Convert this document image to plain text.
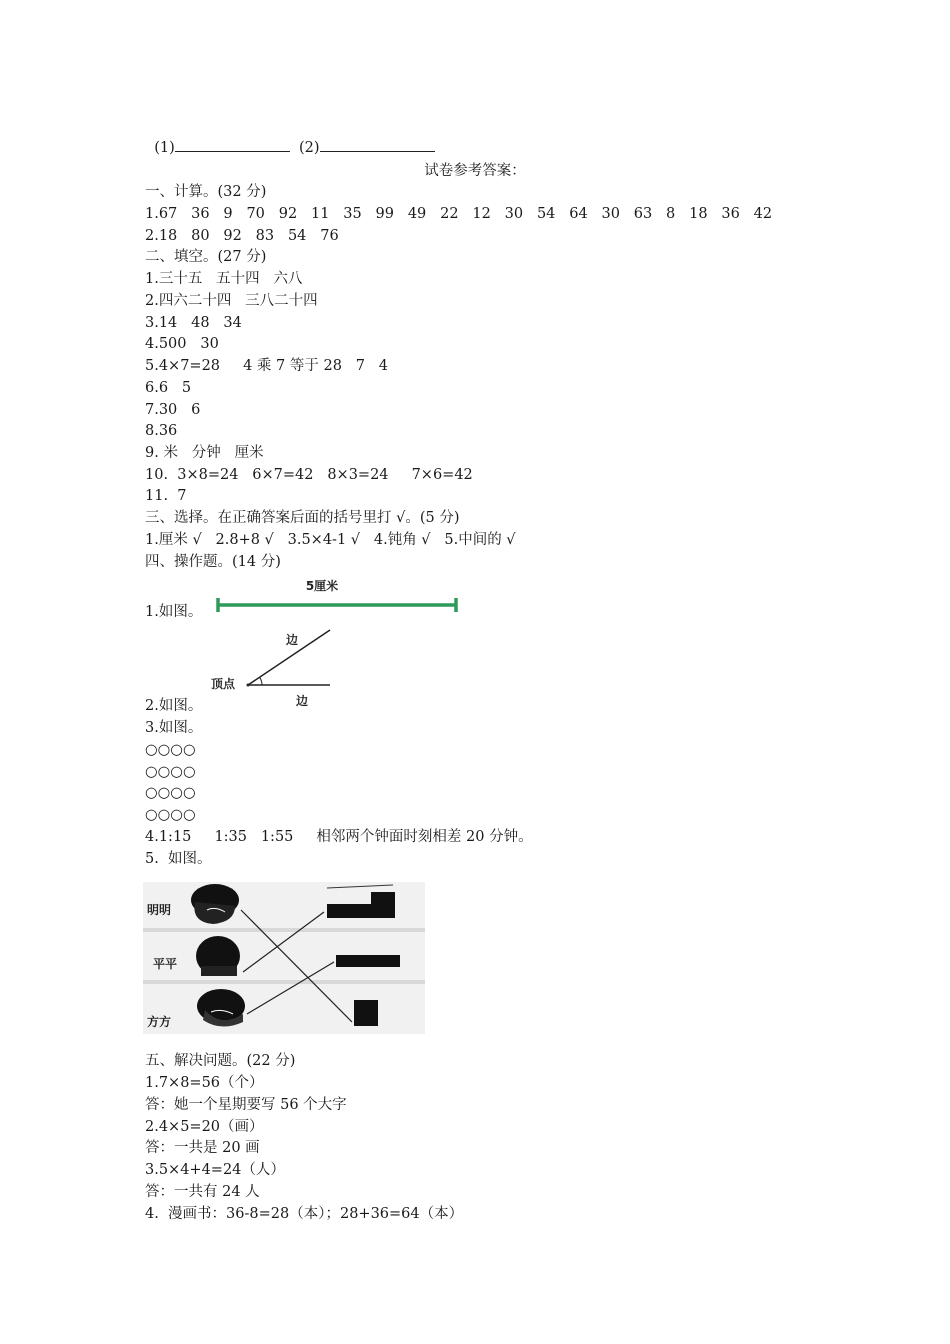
(1)	(2)

试卷参考答案：
一、计算。(32 分)
1.67   36   9   70   92   11   35   99   49   22   12   30   54   64   30   63   8   18   36   42
2.18   80   92   83   54   76
二、填空。(27 分)
1.三十五   五十四   六八
2.四六二十四   三八二十四
3.14   48   34
4.500   30
5.4×7=28     4 乘 7 等于 28   7   4
6.6   5
7.30   6
8.36
9. 米   分钟   厘米
10.  3×8=24   6×7=42   8×3=24     7×6=42
11.  7
三、选择。在正确答案后面的括号里打 √。(5 分)
1.厘米 √   2.8+8 √   3.5×4-1 √   4.钝角 √   5.中间的 √
四、操作题。(14 分)
1.如图。
5厘米
边
顶点
边
2.如图。
3.如图。
○○○○
○○○○
○○○○
○○○○
4.1:15     1:35   1:55     相邻两个钟面时刻相差 20 分钟。
5.  如图。
明明
平平
方方
五、解决问题。(22 分)
1.7×8=56（个）
答：她一个星期要写 56 个大字
2.4×5=20（画）
答：一共是 20 画
3.5×4+4=24（人）
答：一共有 24 人
4.  漫画书：36-8=28（本）；28+36=64（本）
